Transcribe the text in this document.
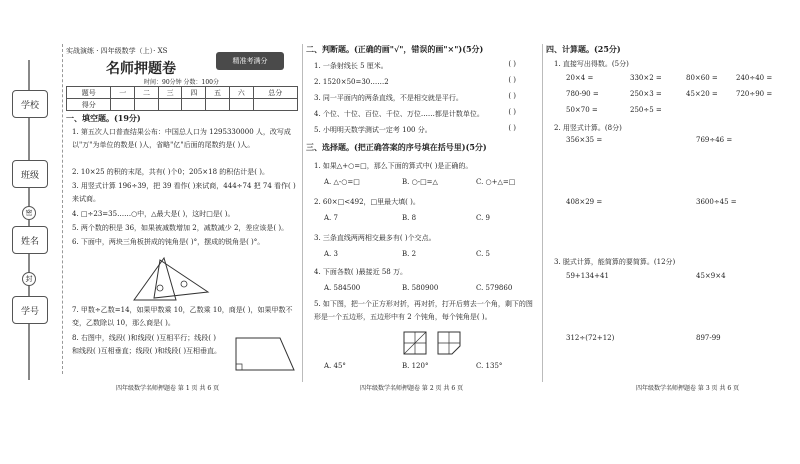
学校
班级
密
姓名
封
学号
实战演练 · 四年级数学（上）· XS
名师押题卷	精准考满分
时间：90分钟 分数：100分
题号	一	二	三	四	五	六	总分
得分							
一、填空题。(19分)
1. 第五次人口普查结果公布：中国总人口为 1295330000 人，改写成以"万"为单位的数是( )人，省略"亿"后面的尾数约是( )人。
2. 10×25 的积的末尾，共有( )个0；205×18 的积估计是( )。
3. 用竖式计算 196÷39，把 39 看作( )来试商，444÷74 把 74 看作( )来试商。
4. □÷23=35……○中，△最大是( )，这时□是( )。
5. 两个数的积是 36，如果被减数增加 2，减数减少 2，差应该是( )。
6. 下面中，两块三角板拼成的钝角是( )°，摆成的锐角是( )°。
7. 甲数÷乙数=14，如果甲数乘 10，乙数乘 10，商是( )，如果甲数不变，乙数除以 10，那么商是( )。
8. 右图中，线段( )和线段( )互相平行；线段( )和线段( )互相垂直；线段( )和线段( )互相垂直。
四年级数学名师押题卷 第 1 页 共 6 页
二、判断题。(正确的画"√"，错误的画"×")(5分)
1. 一条射线长 5 厘米。	( )
2. 1520×50=30……2	( )
3. 同一平面内的两条直线，不是相交就是平行。	( )
4. 个位、十位、百位、千位、万位……都是计数单位。	( )
5. 小明明天数学测试一定考 100 分。	( )
三、选择题。(把正确答案的序号填在括号里)(5分)
1. 如果△+○=□，那么下面的算式中( )是正确的。
A. △-○=□	B. ○-□=△	C. ○+△=□
2. 60×□<492，□里最大填( )。
A. 7	B. 8	C. 9
3. 三条直线两两相交最多有( )个交点。
A. 3	B. 2	C. 5
4. 下面各数( )最接近 58 万。
A. 584500	B. 580900	C. 579860
5. 如下图，把一个正方形对折，再对折，打开后剪去一个角，剩下的图形是一个五边形，五边形中有 2 个钝角，每个钝角是( )。
A. 45°	B. 120°	C. 135°
四年级数学名师押题卷 第 2 页 共 6 页
四、计算题。(25分)
1. 直接写出得数。(5分)
20×4 =	330×2 =	80×60 =	240÷40 =
780-90 =	250×3 =	45×20 =	720÷90 =
50×70 =	250÷5 =
2. 用竖式计算。(8分)
356×35 =	769÷46 =
408×29 =	3600÷45 =
3. 脱式计算，能简算的要简算。(12分)
59+134+41	45×9×4
312÷(72+12)	897-99
四年级数学名师押题卷 第 3 页 共 6 页
